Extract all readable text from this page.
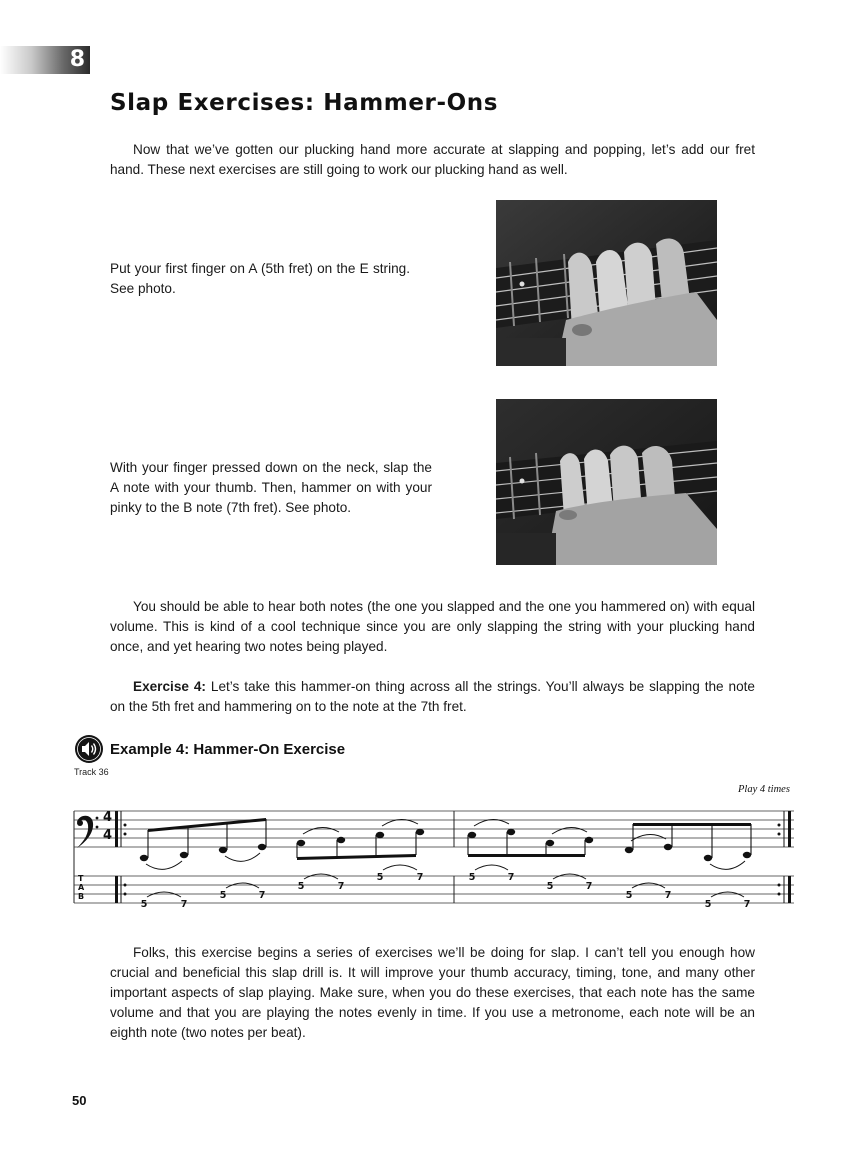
8
Slap Exercises: Hammer-Ons

Now that we’ve gotten our plucking hand more accurate at slapping and popping, let’s add our fret hand. These next exercises are still going to work our plucking hand as well.

Put your first finger on A (5th fret) on the E string. See photo.

With your finger pressed down on the neck, slap the A note with your thumb. Then, hammer on with your pinky to the B note (7th fret). See photo.

You should be able to hear both notes (the one you slapped and the one you hammered on) with equal volume. This is kind of a cool technique since you are only slapping the string with your plucking hand once, and yet hearing two notes being played.

Exercise 4: Let’s take this hammer-on thing across all the strings. You’ll always be slapping the note on the 5th fret and hammering on to the note at the 7th fret.

Example 4: Hammer-On Exercise
Track 36
Play 4 times
4
4
T
A
B
5	7
5	7
5	7
5	7	5	7
5	7
5	7
5	7

Folks, this exercise begins a series of exercises we’ll be doing for slap. I can’t tell you enough how crucial and beneficial this slap drill is. It will improve your thumb accuracy, timing, tone, and many other important aspects of slap playing. Make sure, when you do these exercises, that each note has the same volume and that you are playing the notes evenly in time. If you use a metronome, each note will be an eighth note (two notes per beat).

50
